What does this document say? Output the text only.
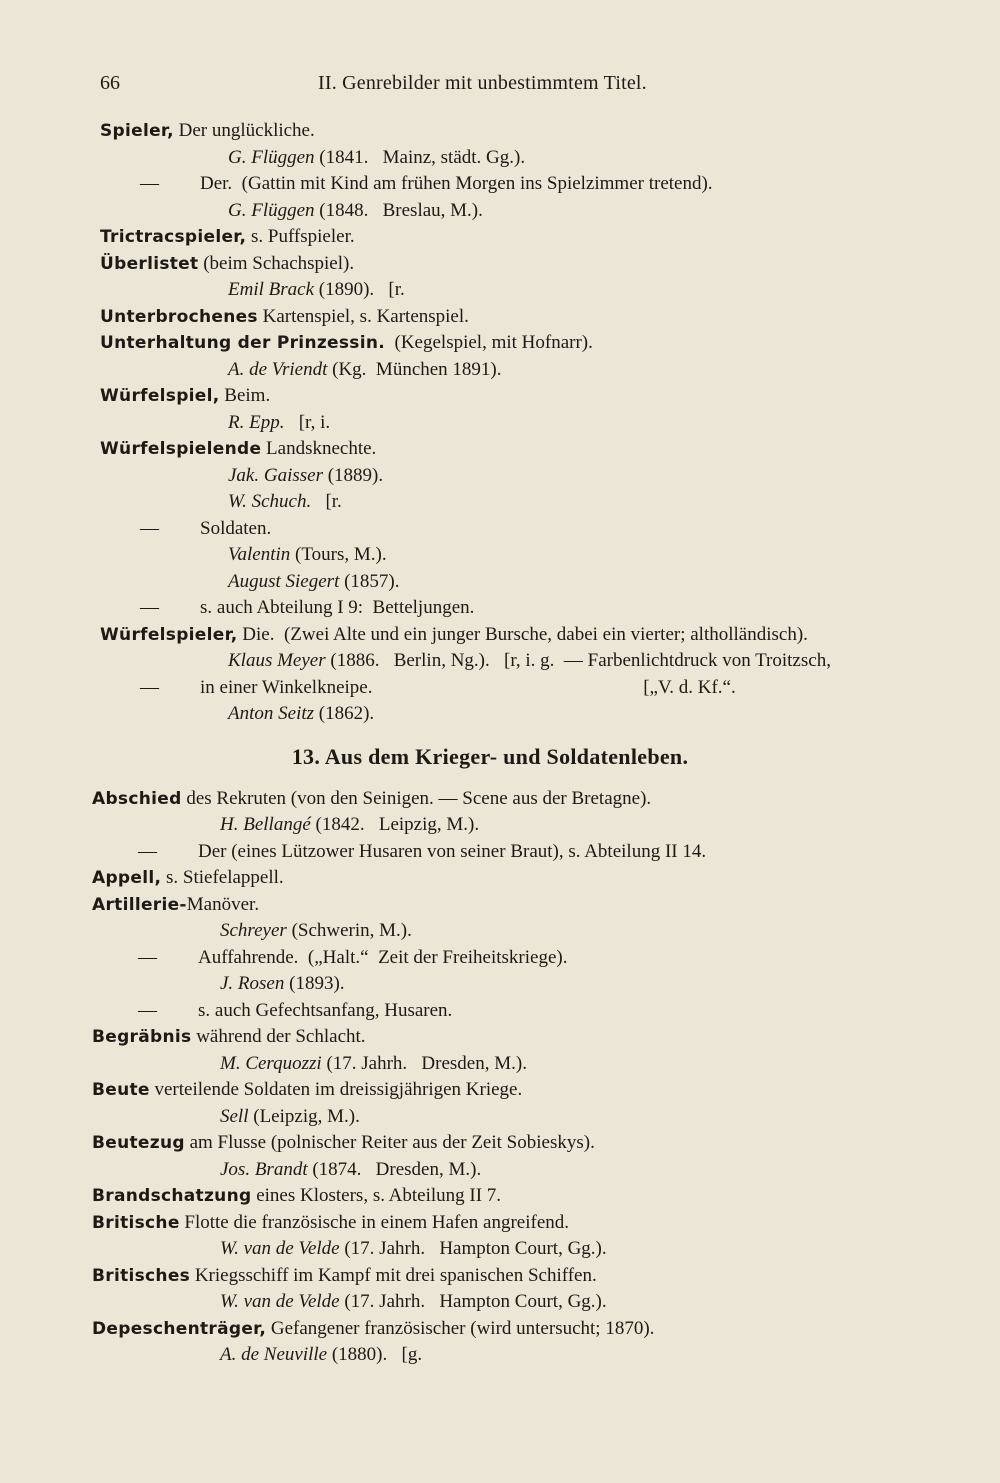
66	II. Genrebilder mit unbestimmtem Titel.
Spieler, Der unglückliche.
G. Flüggen (1841.   Mainz, städt. Gg.).
— Der.  (Gattin mit Kind am frühen Morgen ins Spielzimmer tretend).
G. Flüggen (1848.   Breslau, M.).
Trictracspieler, s. Puffspieler.
Überlistet (beim Schachspiel).
Emil Brack (1890).   [r.
Unterbrochenes Kartenspiel, s. Kartenspiel.
Unterhaltung der Prinzessin.  (Kegelspiel, mit Hofnarr).
A. de Vriendt (Kg.  München 1891).
Würfelspiel, Beim.
R. Epp.   [r, i.
Würfelspielende Landsknechte.
Jak. Gaisser (1889).
W. Schuch.   [r.
— Soldaten.
Valentin (Tours, M.).
August Siegert (1857).
— s. auch Abteilung I 9:  Betteljungen.
Würfelspieler, Die.  (Zwei Alte und ein junger Bursche, dabei ein vierter; altholländisch).
Klaus Meyer (1886.   Berlin, Ng.).   [r, i. g.  — Farbenlichtdruck von Troitzsch,
— in einer Winkelkneipe.                                                         [„V. d. Kf.“.
Anton Seitz (1862).
13. Aus dem Krieger- und Soldatenleben.
Abschied des Rekruten (von den Seinigen. — Scene aus der Bretagne).
H. Bellangé (1842.   Leipzig, M.).
— Der (eines Lützower Husaren von seiner Braut), s. Abteilung II 14.
Appell, s. Stiefelappell.
Artillerie-Manöver.
Schreyer (Schwerin, M.).
— Auffahrende.  („Halt.“  Zeit der Freiheitskriege).
J. Rosen (1893).
— s. auch Gefechtsanfang, Husaren.
Begräbnis während der Schlacht.
M. Cerquozzi (17. Jahrh.   Dresden, M.).
Beute verteilende Soldaten im dreissigjährigen Kriege.
Sell (Leipzig, M.).
Beutezug am Flusse (polnischer Reiter aus der Zeit Sobieskys).
Jos. Brandt (1874.   Dresden, M.).
Brandschatzung eines Klosters, s. Abteilung II 7.
Britische Flotte die französische in einem Hafen angreifend.
W. van de Velde (17. Jahrh.   Hampton Court, Gg.).
Britisches Kriegsschiff im Kampf mit drei spanischen Schiffen.
W. van de Velde (17. Jahrh.   Hampton Court, Gg.).
Depeschenträger, Gefangener französischer (wird untersucht; 1870).
A. de Neuville (1880).   [g.
